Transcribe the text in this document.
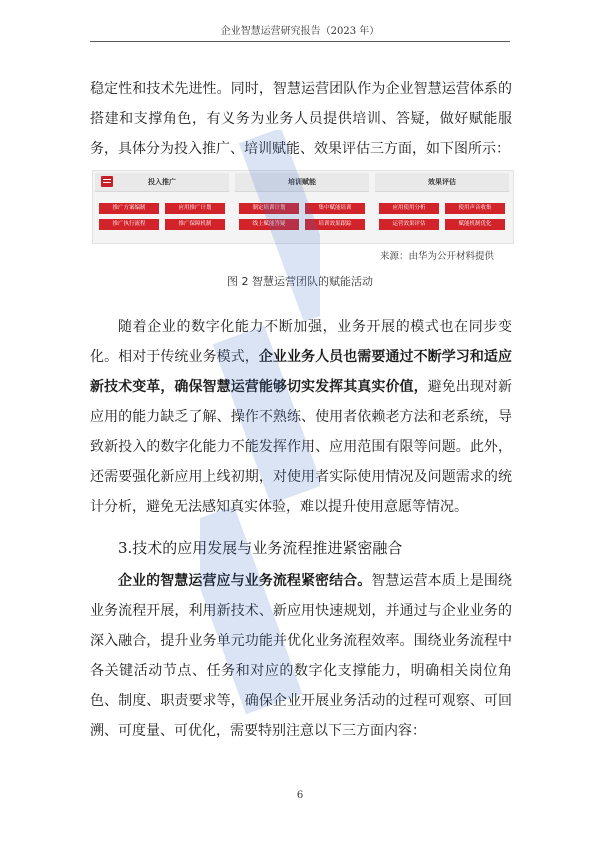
企业智慧运营研究报告（2023 年）

稳定性和技术先进性。同时，智慧运营团队作为企业智慧运营体系的搭建和支撑角色，有义务为业务人员提供培训、答疑，做好赋能服务，具体分为投入推广、培训赋能、效果评估三方面，如下图所示：

投入推广
推广方案编制	应用推广计划
推广执行流程	推广保障机制
培训赋能
制定培训计划	集中赋能培训
线上赋能答疑	培训效果跟踪
效果评估
应用使用分析	使用声音收集
运营效果评估	赋能机制优化
来源：由华为公开材料提供
图 2 智慧运营团队的赋能活动

随着企业的数字化能力不断加强，业务开展的模式也在同步变化。相对于传统业务模式，企业业务人员也需要通过不断学习和适应新技术变革，确保智慧运营能够切实发挥其真实价值，避免出现对新应用的能力缺乏了解、操作不熟练、使用者依赖老方法和老系统，导致新投入的数字化能力不能发挥作用、应用范围有限等问题。此外，还需要强化新应用上线初期，对使用者实际使用情况及问题需求的统计分析，避免无法感知真实体验，难以提升使用意愿等情况。

3.技术的应用发展与业务流程推进紧密融合

企业的智慧运营应与业务流程紧密结合。智慧运营本质上是围绕业务流程开展，利用新技术、新应用快速规划，并通过与企业业务的深入融合，提升业务单元功能并优化业务流程效率。围绕业务流程中各关键活动节点、任务和对应的数字化支撑能力，明确相关岗位角色、制度、职责要求等，确保企业开展业务活动的过程可观察、可回溯、可度量、可优化，需要特别注意以下三方面内容：

6
